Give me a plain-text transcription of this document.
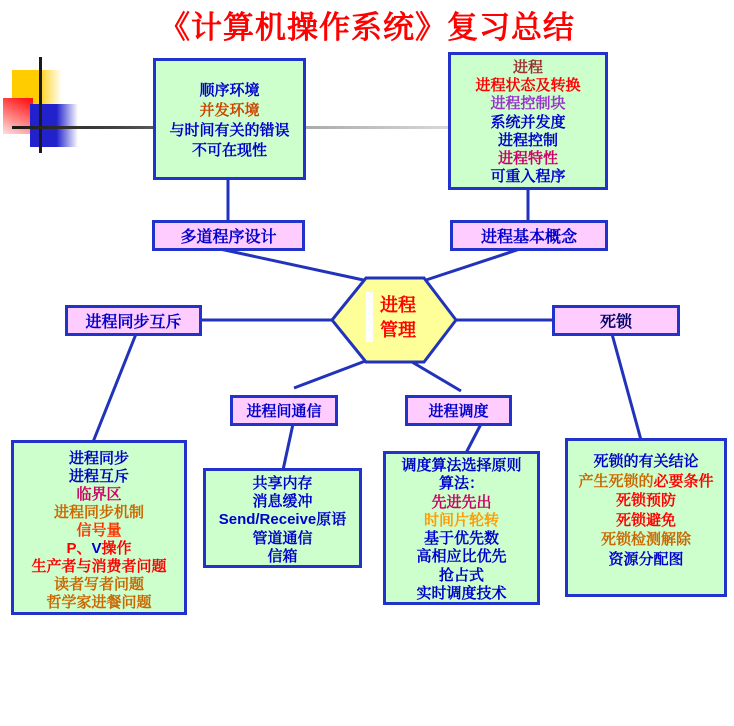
《计算机操作系统》复习总结
进程
管理
顺序环境
并发环境
与时间有关的错误
不可在现性
进程
进程状态及转换
进程控制块
系统并发度
进程控制
进程特性
可重入程序
多道程序设计	进程基本概念
进程同步互斥	死锁
进程间通信	进程调度
进程同步
进程互斥
临界区
进程同步机制
信号量
P、V操作
生产者与消费者问题
读者写者问题
哲学家进餐问题
共享内存
消息缓冲
Send/Receive原语
管道通信
信箱
调度算法选择原则
算法：
先进先出
时间片轮转
基于优先数
高相应比优先
抢占式
实时调度技术
死锁的有关结论
产生死锁的必要条件
死锁预防
死锁避免
死锁检测解除
资源分配图
